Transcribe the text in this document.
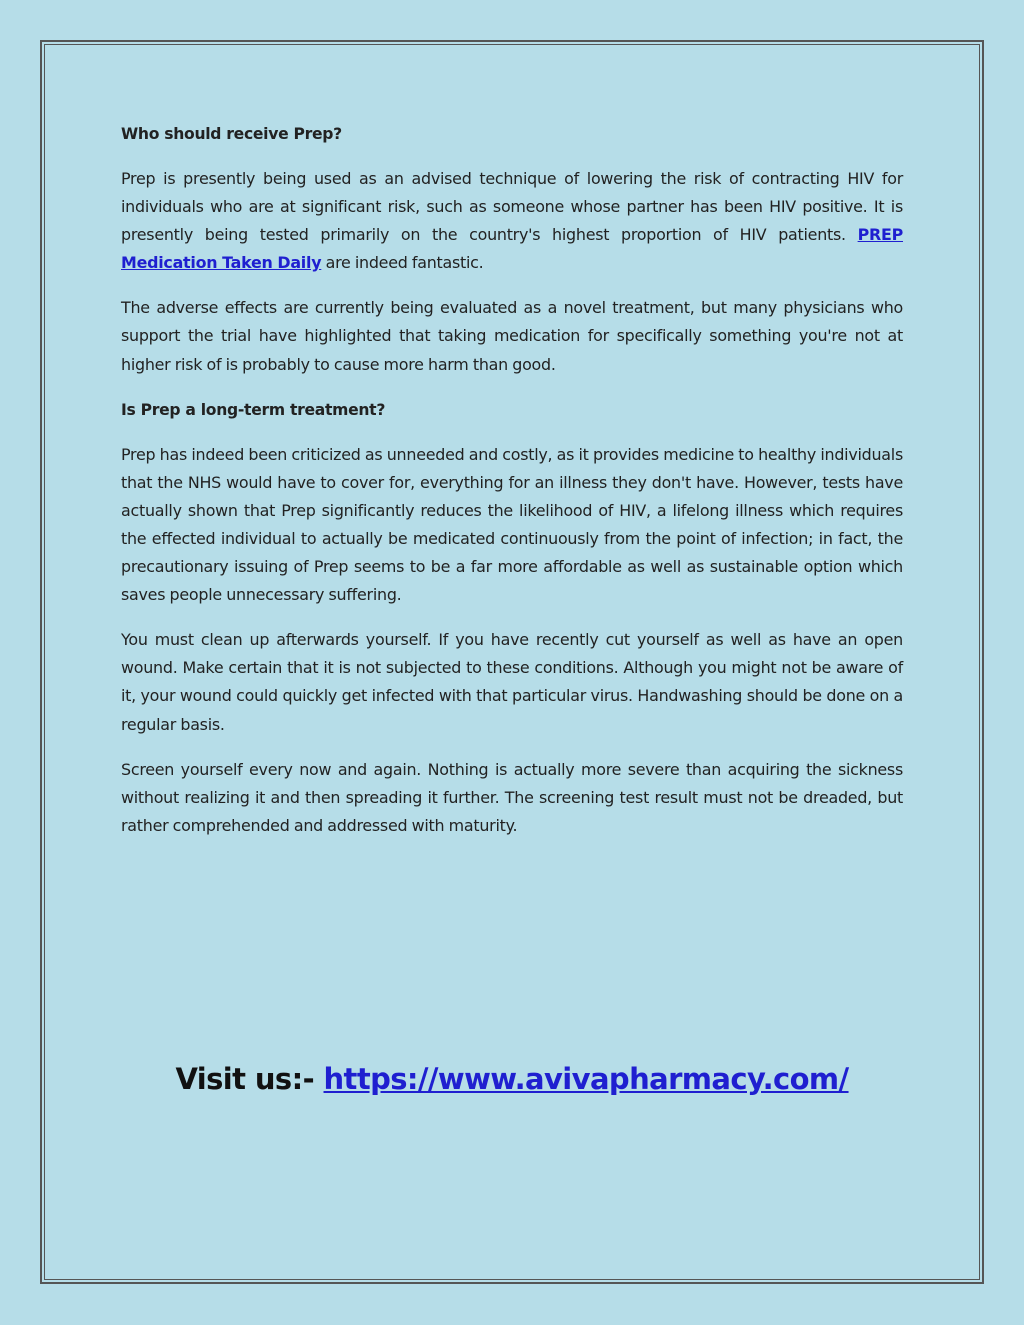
Who should receive Prep?

Prep is presently being used as an advised technique of lowering the risk of contracting HIV for individuals who are at significant risk, such as someone whose partner has been HIV positive. It is presently being tested primarily on the country's highest proportion of HIV patients. PREP Medication Taken Daily are indeed fantastic.

The adverse effects are currently being evaluated as a novel treatment, but many physicians who support the trial have highlighted that taking medication for specifically something you're not at higher risk of is probably to cause more harm than good.

Is Prep a long-term treatment?

Prep has indeed been criticized as unneeded and costly, as it provides medicine to healthy individuals that the NHS would have to cover for, everything for an illness they don't have. However, tests have actually shown that Prep significantly reduces the likelihood of HIV, a lifelong illness which requires the effected individual to actually be medicated continuously from the point of infection; in fact, the precautionary issuing of Prep seems to be a far more affordable as well as sustainable option which saves people unnecessary suffering.

You must clean up afterwards yourself. If you have recently cut yourself as well as have an open wound. Make certain that it is not subjected to these conditions. Although you might not be aware of it, your wound could quickly get infected with that particular virus. Handwashing should be done on a regular basis.

Screen yourself every now and again. Nothing is actually more severe than acquiring the sickness without realizing it and then spreading it further. The screening test result must not be dreaded, but rather comprehended and addressed with maturity.

Visit us:- https://www.avivapharmacy.com/
